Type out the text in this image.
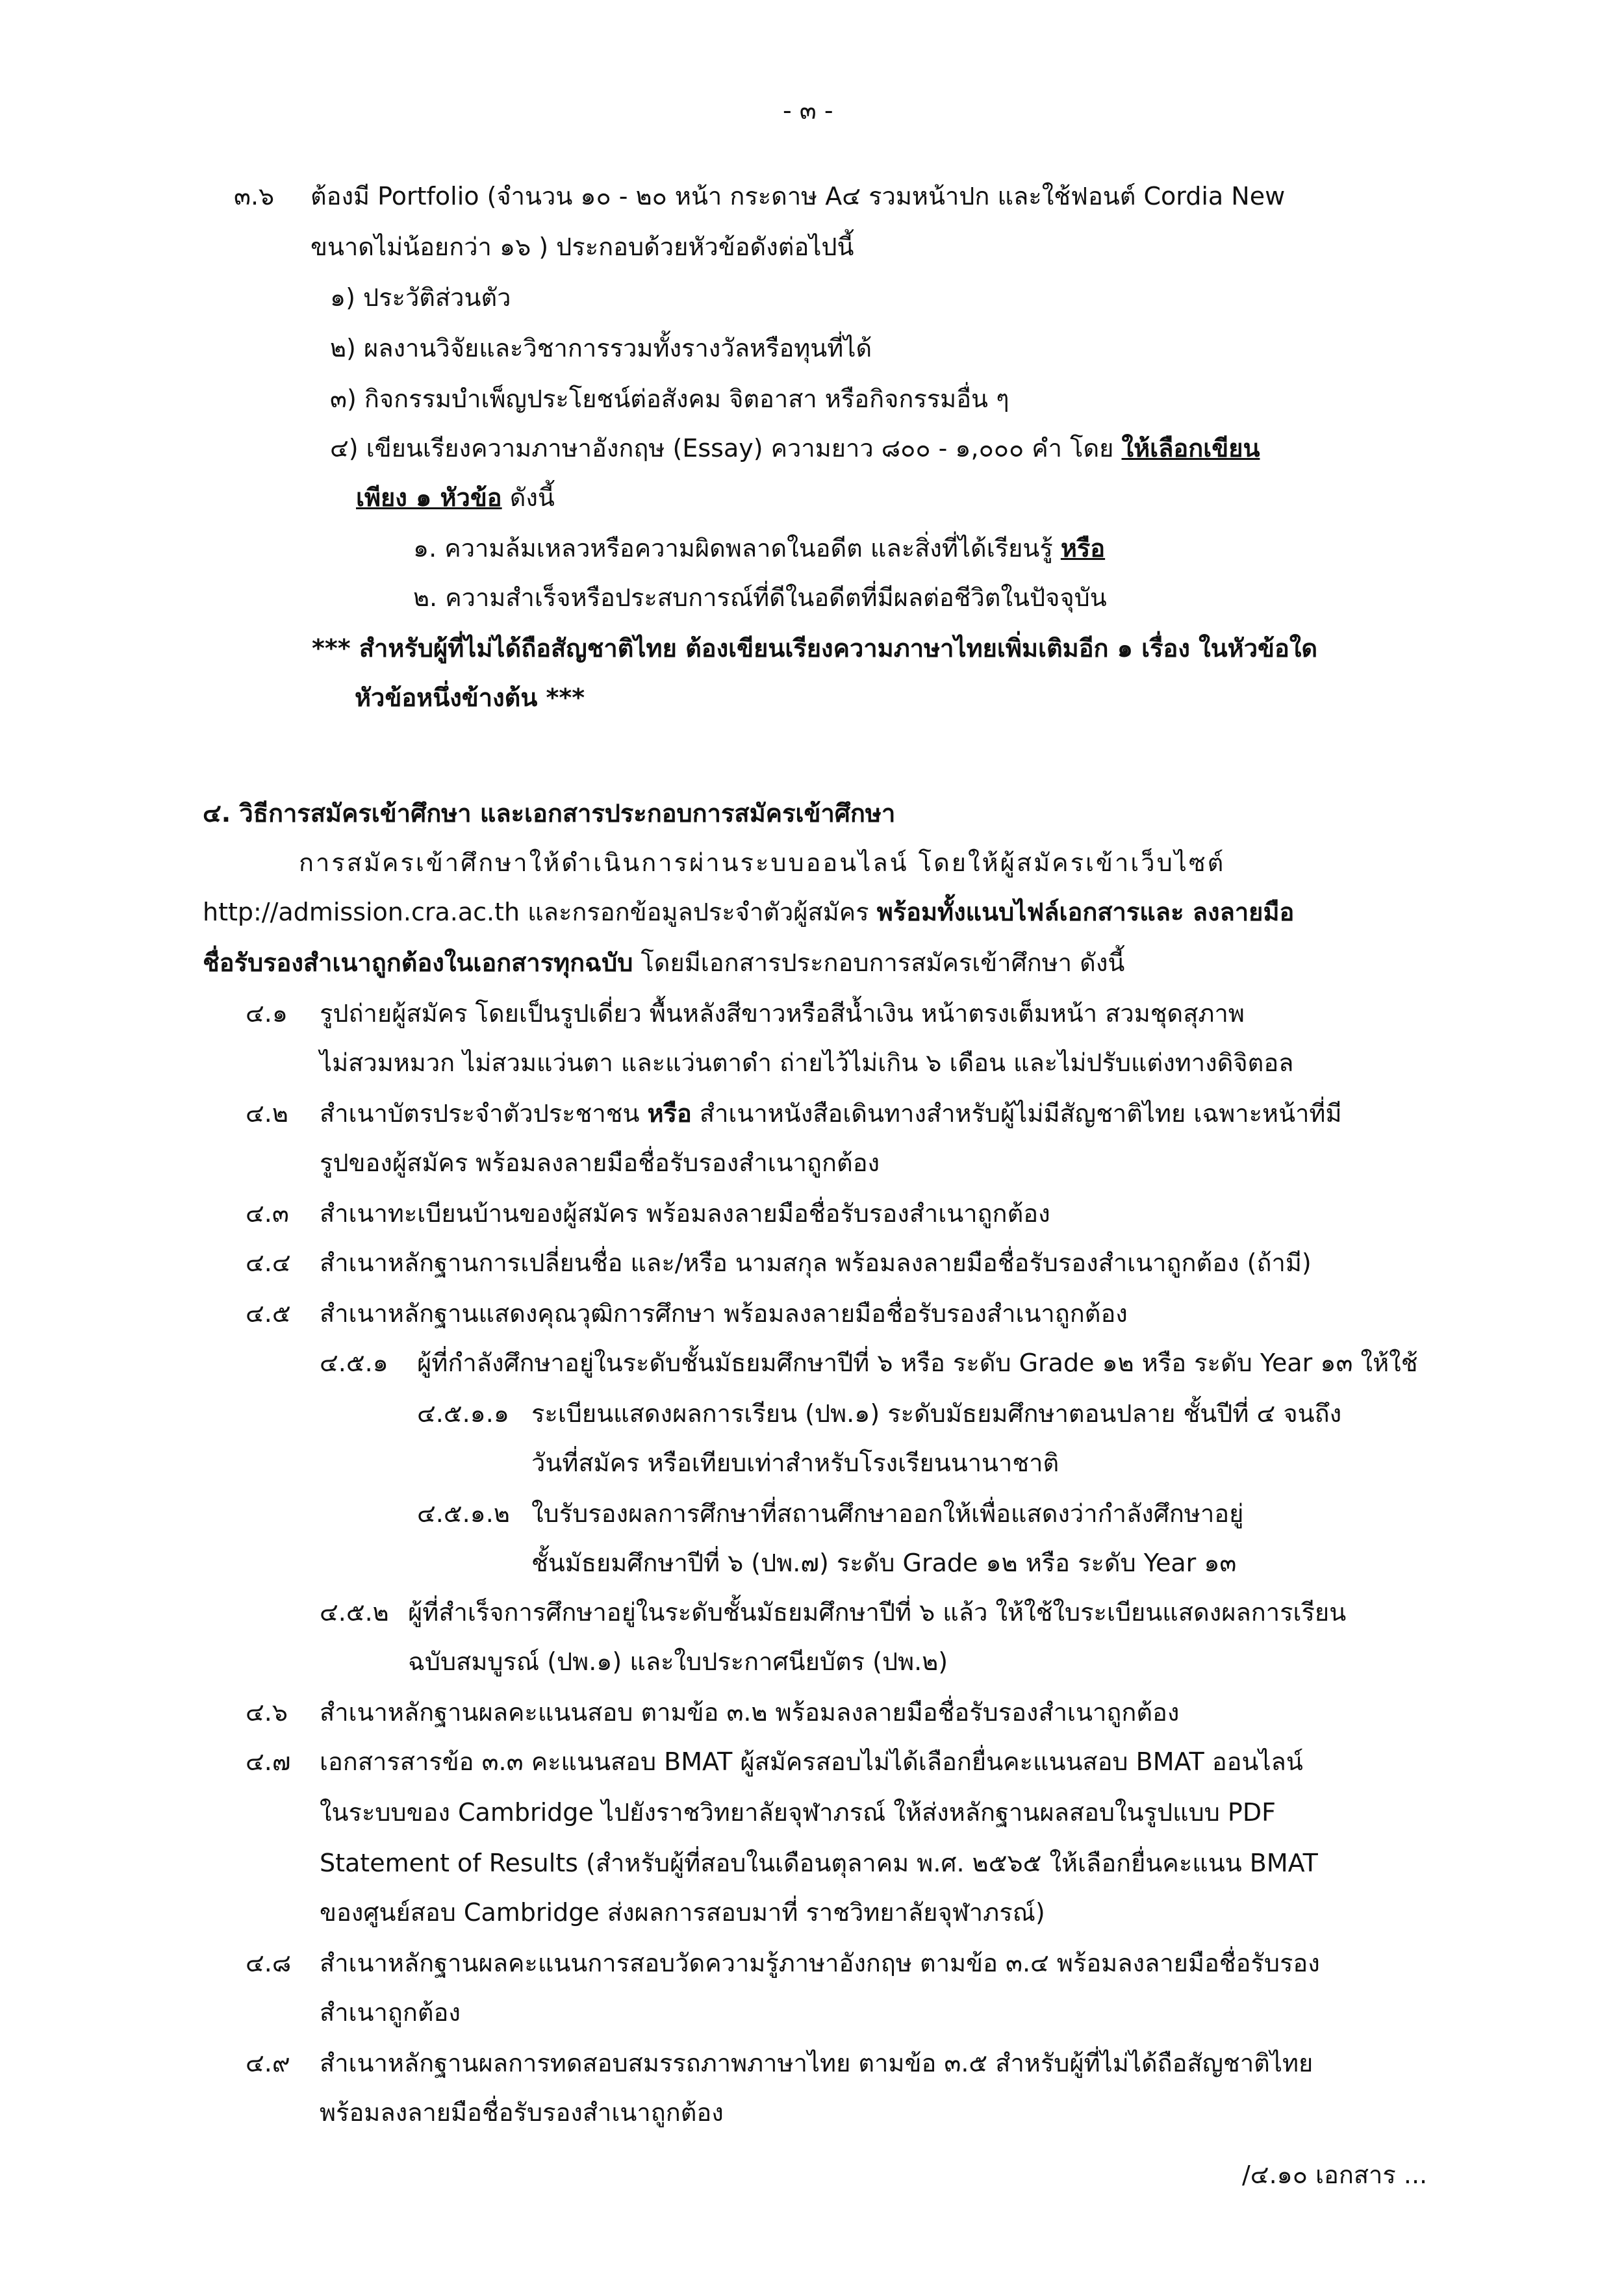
- ๓ -
๓.๖ ต้องมี Portfolio (จำนวน ๑๐ - ๒๐ หน้า กระดาษ A๔ รวมหน้าปก และใช้ฟอนต์ Cordia New
ขนาดไม่น้อยกว่า ๑๖ ) ประกอบด้วยหัวข้อดังต่อไปนี้
๑) ประวัติส่วนตัว
๒) ผลงานวิจัยและวิชาการรวมทั้งรางวัลหรือทุนที่ได้
๓) กิจกรรมบำเพ็ญประโยชน์ต่อสังคม จิตอาสา หรือกิจกรรมอื่น ๆ
๔) เขียนเรียงความภาษาอังกฤษ (Essay) ความยาว ๘๐๐ - ๑,๐๐๐ คำ โดย ให้เลือกเขียน
เพียง ๑ หัวข้อ ดังนี้
๑. ความล้มเหลวหรือความผิดพลาดในอดีต และสิ่งที่ได้เรียนรู้ หรือ
๒. ความสำเร็จหรือประสบการณ์ที่ดีในอดีตที่มีผลต่อชีวิตในปัจจุบัน
*** สำหรับผู้ที่ไม่ได้ถือสัญชาติไทย ต้องเขียนเรียงความภาษาไทยเพิ่มเติมอีก ๑ เรื่อง ในหัวข้อใด
หัวข้อหนึ่งข้างต้น ***
๔. วิธีการสมัครเข้าศึกษา และเอกสารประกอบการสมัครเข้าศึกษา
การสมัครเข้าศึกษาให้ดำเนินการผ่านระบบออนไลน์ โดยให้ผู้สมัครเข้าเว็บไซต์
http://admission.cra.ac.th และกรอกข้อมูลประจำตัวผู้สมัคร พร้อมทั้งแนบไฟล์เอกสารและ ลงลายมือ
ชื่อรับรองสำเนาถูกต้องในเอกสารทุกฉบับ โดยมีเอกสารประกอบการสมัครเข้าศึกษา ดังนี้
๔.๑ รูปถ่ายผู้สมัคร โดยเป็นรูปเดี่ยว พื้นหลังสีขาวหรือสีน้ำเงิน หน้าตรงเต็มหน้า สวมชุดสุภาพ
ไม่สวมหมวก ไม่สวมแว่นตา และแว่นตาดำ ถ่ายไว้ไม่เกิน ๖ เดือน และไม่ปรับแต่งทางดิจิตอล
๔.๒ สำเนาบัตรประจำตัวประชาชน หรือ สำเนาหนังสือเดินทางสำหรับผู้ไม่มีสัญชาติไทย เฉพาะหน้าที่มี
รูปของผู้สมัคร พร้อมลงลายมือชื่อรับรองสำเนาถูกต้อง
๔.๓ สำเนาทะเบียนบ้านของผู้สมัคร พร้อมลงลายมือชื่อรับรองสำเนาถูกต้อง
๔.๔ สำเนาหลักฐานการเปลี่ยนชื่อ และ/หรือ นามสกุล พร้อมลงลายมือชื่อรับรองสำเนาถูกต้อง (ถ้ามี)
๔.๕ สำเนาหลักฐานแสดงคุณวุฒิการศึกษา พร้อมลงลายมือชื่อรับรองสำเนาถูกต้อง
๔.๕.๑ ผู้ที่กำลังศึกษาอยู่ในระดับชั้นมัธยมศึกษาปีที่ ๖ หรือ ระดับ Grade ๑๒ หรือ ระดับ Year ๑๓ ให้ใช้
๔.๕.๑.๑ ระเบียนแสดงผลการเรียน (ปพ.๑) ระดับมัธยมศึกษาตอนปลาย ชั้นปีที่ ๔ จนถึง
วันที่สมัคร หรือเทียบเท่าสำหรับโรงเรียนนานาชาติ
๔.๕.๑.๒ ใบรับรองผลการศึกษาที่สถานศึกษาออกให้เพื่อแสดงว่ากำลังศึกษาอยู่
ชั้นมัธยมศึกษาปีที่ ๖ (ปพ.๗) ระดับ Grade ๑๒ หรือ ระดับ Year ๑๓
๔.๕.๒ ผู้ที่สำเร็จการศึกษาอยู่ในระดับชั้นมัธยมศึกษาปีที่ ๖ แล้ว ให้ใช้ใบระเบียนแสดงผลการเรียน
ฉบับสมบูรณ์ (ปพ.๑) และใบประกาศนียบัตร (ปพ.๒)
๔.๖ สำเนาหลักฐานผลคะแนนสอบ ตามข้อ ๓.๒ พร้อมลงลายมือชื่อรับรองสำเนาถูกต้อง
๔.๗ เอกสารสารข้อ ๓.๓ คะแนนสอบ BMAT ผู้สมัครสอบไม่ได้เลือกยื่นคะแนนสอบ BMAT ออนไลน์
ในระบบของ Cambridge ไปยังราชวิทยาลัยจุฬาภรณ์ ให้ส่งหลักฐานผลสอบในรูปแบบ PDF
Statement of Results (สำหรับผู้ที่สอบในเดือนตุลาคม พ.ศ. ๒๕๖๕ ให้เลือกยื่นคะแนน BMAT
ของศูนย์สอบ Cambridge ส่งผลการสอบมาที่ ราชวิทยาลัยจุฬาภรณ์)
๔.๘ สำเนาหลักฐานผลคะแนนการสอบวัดความรู้ภาษาอังกฤษ ตามข้อ ๓.๔ พร้อมลงลายมือชื่อรับรอง
สำเนาถูกต้อง
๔.๙ สำเนาหลักฐานผลการทดสอบสมรรถภาพภาษาไทย ตามข้อ ๓.๕ สำหรับผู้ที่ไม่ได้ถือสัญชาติไทย
พร้อมลงลายมือชื่อรับรองสำเนาถูกต้อง
/๔.๑๐ เอกสาร ...
